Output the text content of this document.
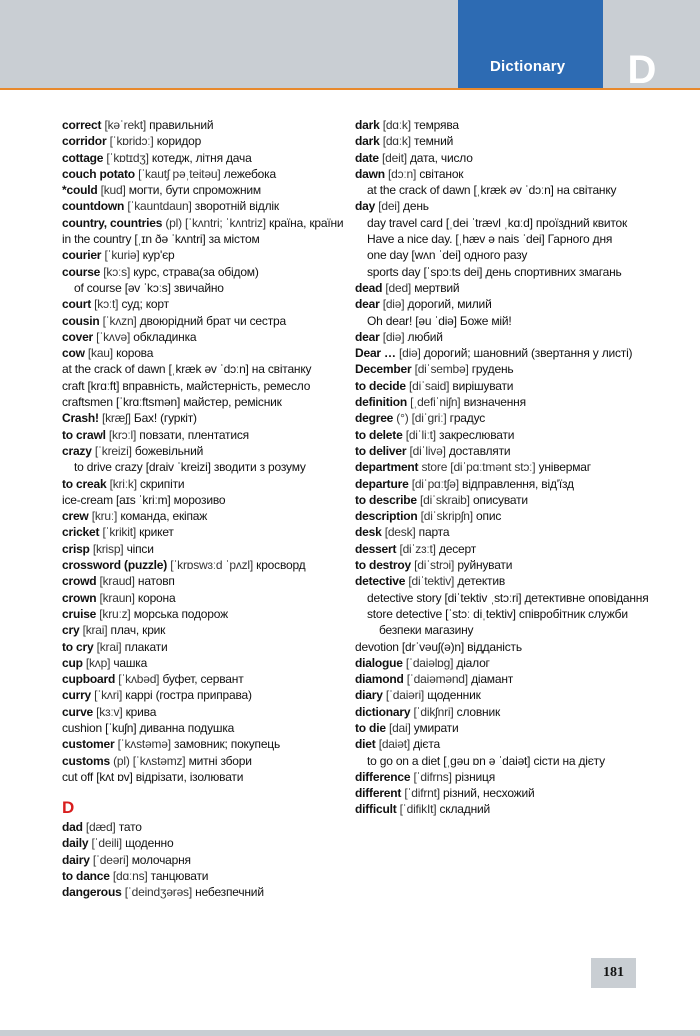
Dictionary	D

correct [kəˈrekt] правильний

corridor [ˈkɒridɔː] коридор

cottage [ˈkɒtɪdʒ] котедж, літня дача

couch potato [ˈkautʃ pəˌteitəu] лежебока

*could [kud] могти, бути спроможним

countdown [ˈkauntdaun] зворотній відлік

country, countries (pl) [ˈkʌntri; ˈkʌntriz] країна, країни

in the country [ˌɪn ðə ˈkʌntri] за містом

courier [ˈkuriə] кур'єр

course [kɔːs] курс, страва(за обідом)

of course [əv ˈkɔːs] звичайно

court [kɔːt] суд; корт

cousin [ˈkʌzn] двоюрідний брат чи сестра

cover [ˈkʌvə] обкладинка

cow [kau] корова

at the crack of dawn [ˌkræk əv ˈdɔːn] на світанку

craft [krɑːft] вправність, майстерність, ремесло

craftsmen [ˈkrɑːftsmən] майстер, ремісник

Crash! [kræʃ] Бах! (гуркіт)

to crawl [krɔːl] повзати, плентатися

crazy [ˈkreizi] божевільний

to drive crazy [draiv ˈkreizi] зводити з розуму

to creak [kriːk] скрипіти

ice-cream [aɪs ˈkriːm] морозиво

crew [kruː] команда, екіпаж

cricket [ˈkrikit] крикет

crisp [krisp] чіпси

crossword (puzzle) [ˈkrɒswɜːd ˈpʌzl] кросворд

crowd [kraud] натовп

crown [kraun] корона

cruise [kruːz] морська подорож

cry [krai] плач, крик

to cry [krai] плакати

cup [kʌp] чашка

cupboard [ˈkʌbəd] буфет, сервант

curry [ˈkʌri] каррі (гостра приправа)

curve [kɜːv] крива

cushion [ˈkuʃn] диванна подушка

customer [ˈkʌstəmə] замовник; покупець

customs (pl) [ˈkʌstəmz] митні збори

cut off [kʌt ɒv] відрізати, ізолювати

D

dad [dæd] тато

daily [ˈdeili] щоденно

dairy [ˈdeəri] молочарня

to dance [dɑːns] танцювати

dangerous [ˈdeindʒərəs] небезпечний

dark [dɑːk] темрява

dark [dɑːk] темний

date [deit] дата, число

dawn [dɔːn] світанок

at the crack of dawn [ˌkræk əv ˈdɔːn] на світанку

day [dei] день

day travel card [ˌdei ˈtrævl ˌkɑːd] проїздний квиток

Have a nice day. [ˌhæv ə nais ˈdei] Гарного дня

one day [wʌn ˈdei] одного разу

sports day [ˈspɔːts dei] день спортивних змагань

dead [ded] мертвий

dear [diə] дорогий, милий

Oh dear! [əu ˈdiə] Боже мій!

dear [diə] любий

Dear … [diə] дорогий; шановний (звертання у листі)

December [diˈsembə] грудень

to decide [diˈsaid] вирішувати

definition [ˌdefiˈniʃn] визначення

degree (°) [diˈgriː] градус

to delete [diˈliːt] закреслювати

to deliver [diˈlivə] доставляти

department store [diˈpɑːtmənt stɔː] універмаг

departure [diˈpɑːtʃə] відправлення, від'їзд

to describe [diˈskraib] описувати

description [diˈskripʃn] опис

desk [desk] парта

dessert [diˈzɜːt] десерт

to destroy [diˈstrɔi] руйнувати

detective [diˈtektiv] детектив

detective story [diˈtektiv ˌstɔːri] детективне оповідання

store detective [ˈstɔː diˌtektiv] співробітник служби безпеки магазину

devotion [drˈvəuʃ(ə)n] відданість

dialogue [ˈdaiəlɒg] діалог

diamond [ˈdaiəmənd] діамант

diary [ˈdaiəri] щоденник

dictionary [ˈdikʃnri] словник

to die [dai] умирати

diet [daiət] дієта

to go on a diet [ˌgəu ɒn ə ˈdaiət] сісти на дієту

difference [ˈdifrns] різниця

different [ˈdifrnt] різний, несхожий

difficult [ˈdifikIt] складний

181
